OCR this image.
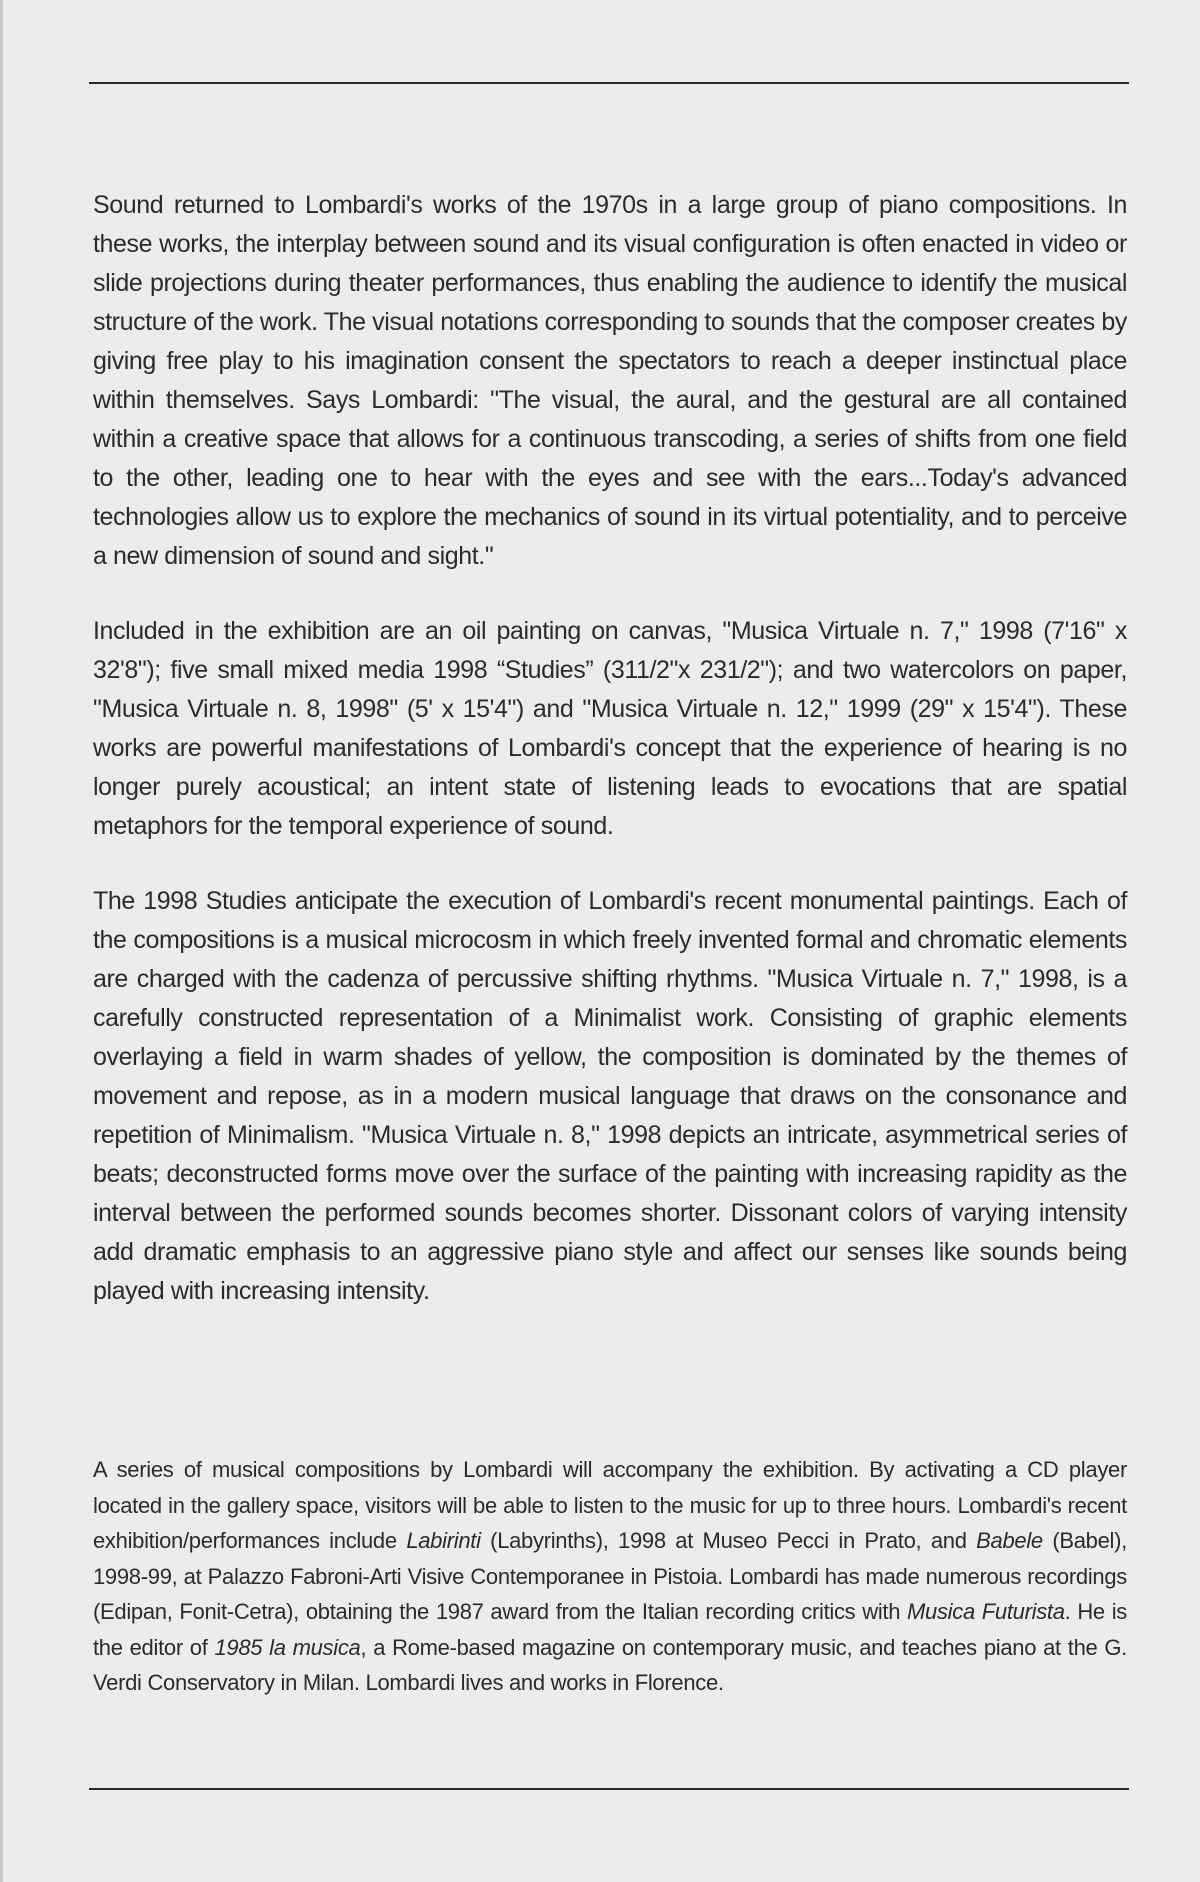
Sound returned to Lombardi's works of the 1970s in a large group of piano compositions. In these works, the interplay between sound and its visual configuration is often enacted in video or slide projections during theater performances, thus enabling the audience to identify the musical structure of the work. The visual notations corresponding to sounds that the composer creates by giving free play to his imagination consent the spectators to reach a deeper instinctual place within themselves. Says Lombardi: "The visual, the aural, and the gestural are all contained within a creative space that allows for a continuous transcoding, a series of shifts from one field to the other, leading one to hear with the eyes and see with the ears...Today's advanced technologies allow us to explore the mechanics of sound in its virtual potentiality, and to perceive a new dimension of sound and sight."

Included in the exhibition are an oil painting on canvas, "Musica Virtuale n. 7," 1998 (7'16" x 32'8"); five small mixed media 1998 “Studies” (311/2"x 231/2"); and two watercolors on paper, "Musica Virtuale n. 8, 1998" (5' x 15'4") and "Musica Virtuale n. 12," 1999 (29" x 15'4"). These works are powerful manifestations of Lombardi's concept that the experience of hearing is no longer purely acoustical; an intent state of listening leads to evocations that are spatial metaphors for the temporal experience of sound.

The 1998 Studies anticipate the execution of Lombardi's recent monumental paintings. Each of the compositions is a musical microcosm in which freely invented formal and chromatic elements are charged with the cadenza of percussive shifting rhythms. "Musica Virtuale n. 7," 1998, is a carefully constructed representation of a Minimalist work. Consisting of graphic elements overlaying a field in warm shades of yellow, the composition is dominated by the themes of movement and repose, as in a modern musical language that draws on the consonance and repetition of Minimalism. "Musica Virtuale n. 8," 1998 depicts an intricate, asymmetrical series of beats; deconstructed forms move over the surface of the painting with increasing rapidity as the interval between the performed sounds becomes shorter. Dissonant colors of varying intensity add dramatic emphasis to an aggressive piano style and affect our senses like sounds being played with increasing intensity.

A series of musical compositions by Lombardi will accompany the exhibition. By activating a CD player located in the gallery space, visitors will be able to listen to the music for up to three hours. Lombardi's recent exhibition/performances include Labirinti (Labyrinths), 1998 at Museo Pecci in Prato, and Babele (Babel), 1998-99, at Palazzo Fabroni-Arti Visive Contemporanee in Pistoia. Lombardi has made numerous recordings (Edipan, Fonit-Cetra), obtaining the 1987 award from the Italian recording critics with Musica Futurista. He is the editor of 1985 la musica, a Rome-based magazine on contemporary music, and teaches piano at the G. Verdi Conservatory in Milan. Lombardi lives and works in Florence.
